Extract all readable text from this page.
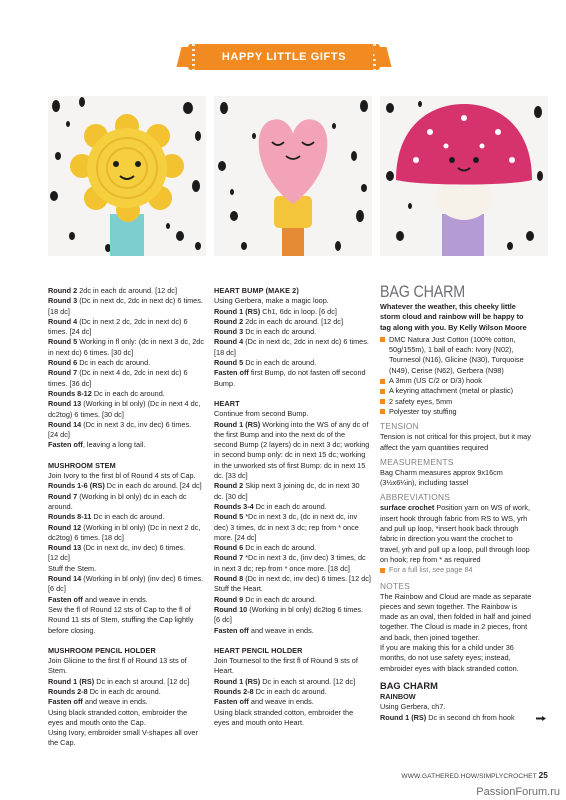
HAPPY LITTLE GIFTS COLLECTION
Round 2 2dc in each dc around. [12 dc]
Round 3 (Dc in next dc, 2dc in next dc) 6 times.
[18 dc]
Round 4 (Dc in next 2 dc, 2dc in next dc) 6
times. [24 dc]
Round 5 Working in fl only: (dc in next 3 dc, 2dc
in next dc) 6 times. [30 dc]
Round 6 Dc in each dc around.
Round 7 (Dc in next 4 dc, 2dc in next dc) 6
times. [36 dc]
Rounds 8-12 Dc in each dc around.
Round 13 (Working in bl only) (Dc in next 4 dc,
dc2tog) 6 times. [30 dc]
Round 14 (Dc in next 3 dc, inv dec) 6 times.
[24 dc]
Fasten off, leaving a long tail.
MUSHROOM STEM
Join Ivory to the first bl of Round 4 sts of Cap.
Rounds 1-6 (RS) Dc in each dc around. [24 dc]
Round 7 (Working in bl only) dc in each dc
around.
Rounds 8-11 Dc in each dc around.
Round 12 (Working in bl only) (Dc in next 2 dc,
dc2tog) 6 times. [18 dc]
Round 13 (Dc in next dc, inv dec) 6 times.
[12 dc]
Stuff the Stem.
Round 14 (Working in bl only) (inv dec) 6 times.
[6 dc]
Fasten off and weave in ends.
Sew the fl of Round 12 sts of Cap to the fl of
Round 11 sts of Stem, stuffing the Cap lightly
before closing.
MUSHROOM PENCIL HOLDER
Join Glicine to the first fl of Round 13 sts of
Stem.
Round 1 (RS) Dc in each st around. [12 dc]
Rounds 2-8 Dc in each dc around.
Fasten off and weave in ends.
Using black stranded cotton, embroider the
eyes and mouth onto the Cap.
Using Ivory, embroider small V-shapes all over
the Cap.
HEART BUMP (MAKE 2)
Using Gerbera, make a magic loop.
Round 1 (RS) Ch1, 6dc in loop. [6 dc]
Round 2 2dc in each dc around. [12 dc]
Round 3 Dc in each dc around.
Round 4 (Dc in next dc, 2dc in next dc) 6 times.
[18 dc]
Round 5 Dc in each dc around.
Fasten off first Bump, do not fasten off second
Bump.
HEART
Continue from second Bump.
Round 1 (RS) Working into the WS of any dc of
the first Bump and into the next dc of the
second Bump (2 layers) dc in next 3 dc; working
in second bump only: dc in next 15 dc; working
in the unworked sts of first Bump: dc in next 15
dc. [33 dc]
Round 2 Skip next 3 joining dc, dc in next 30
dc. [30 dc]
Rounds 3-4 Dc in each dc around.
Round 5 *Dc in next 3 dc, (dc in next dc, inv
dec) 3 times, dc in next 3 dc; rep from * once
more. [24 dc]
Round 6 Dc in each dc around.
Round 7 *Dc in next 3 dc, (inv dec) 3 times, dc
in next 3 dc; rep from * once more. [18 dc]
Round 8 (Dc in next dc, inv dec) 6 times. [12 dc]
Stuff the Heart.
Round 9 Dc in each dc around.
Round 10 (Working in bl only) dc2tog 6 times.
[6 dc]
Fasten off and weave in ends.
HEART PENCIL HOLDER
Join Tournesol to the first fl of Round 9 sts of
Heart.
Round 1 (RS) Dc in each st around. [12 dc]
Rounds 2-8 Dc in each dc around.
Fasten off and weave in ends.
Using black stranded cotton, embroider the
eyes and mouth onto Heart.
BAG CHARM
Whatever the weather, this cheeky little
storm cloud and rainbow will be happy to
tag along with you. By Kelly Wilson Moore
DMC Natura Just Cotton (100% cotton,
50g/155m), 1 ball of each: Ivory (N02),
Tournesol (N16), Glicine (N30), Turquoise
(N49), Cerise (N62), Gerbera (N98)
A 3mm (US C/2 or D/3) hook
A keyring attachment (metal or plastic)
2 safety eyes, 5mm
Polyester toy stuffing
TENSION
Tension is not critical for this project, but it may
affect the yarn quantities required
MEASUREMENTS
Bag Charm measures approx 9x16cm
(3½x6¼in), including tassel
ABBREVIATIONS
surface crochet Position yarn on WS of work,
insert hook through fabric from RS to WS, yrh
and pull up loop, *insert hook back through
fabric in direction you want the crochet to
travel, yrh and pull up a loop, pull through loop
on hook; rep from * as required
For a full list, see page 84
NOTES
The Rainbow and Cloud are made as separate
pieces and sewn together. The Rainbow is
made as an oval, then folded in half and joined
together. The Cloud is made in 2 pieces, front
and back, then joined together.
If you are making this for a child under 36
months, do not use safety eyes; instead,
embroider eyes with black stranded cotton.
BAG CHARM
RAINBOW
Using Gerbera, ch7.
Round 1 (RS) Dc in second ch from hook
WWW.GATHERED.HOW/SIMPLYCROCHET 25
PassionForum.ru
